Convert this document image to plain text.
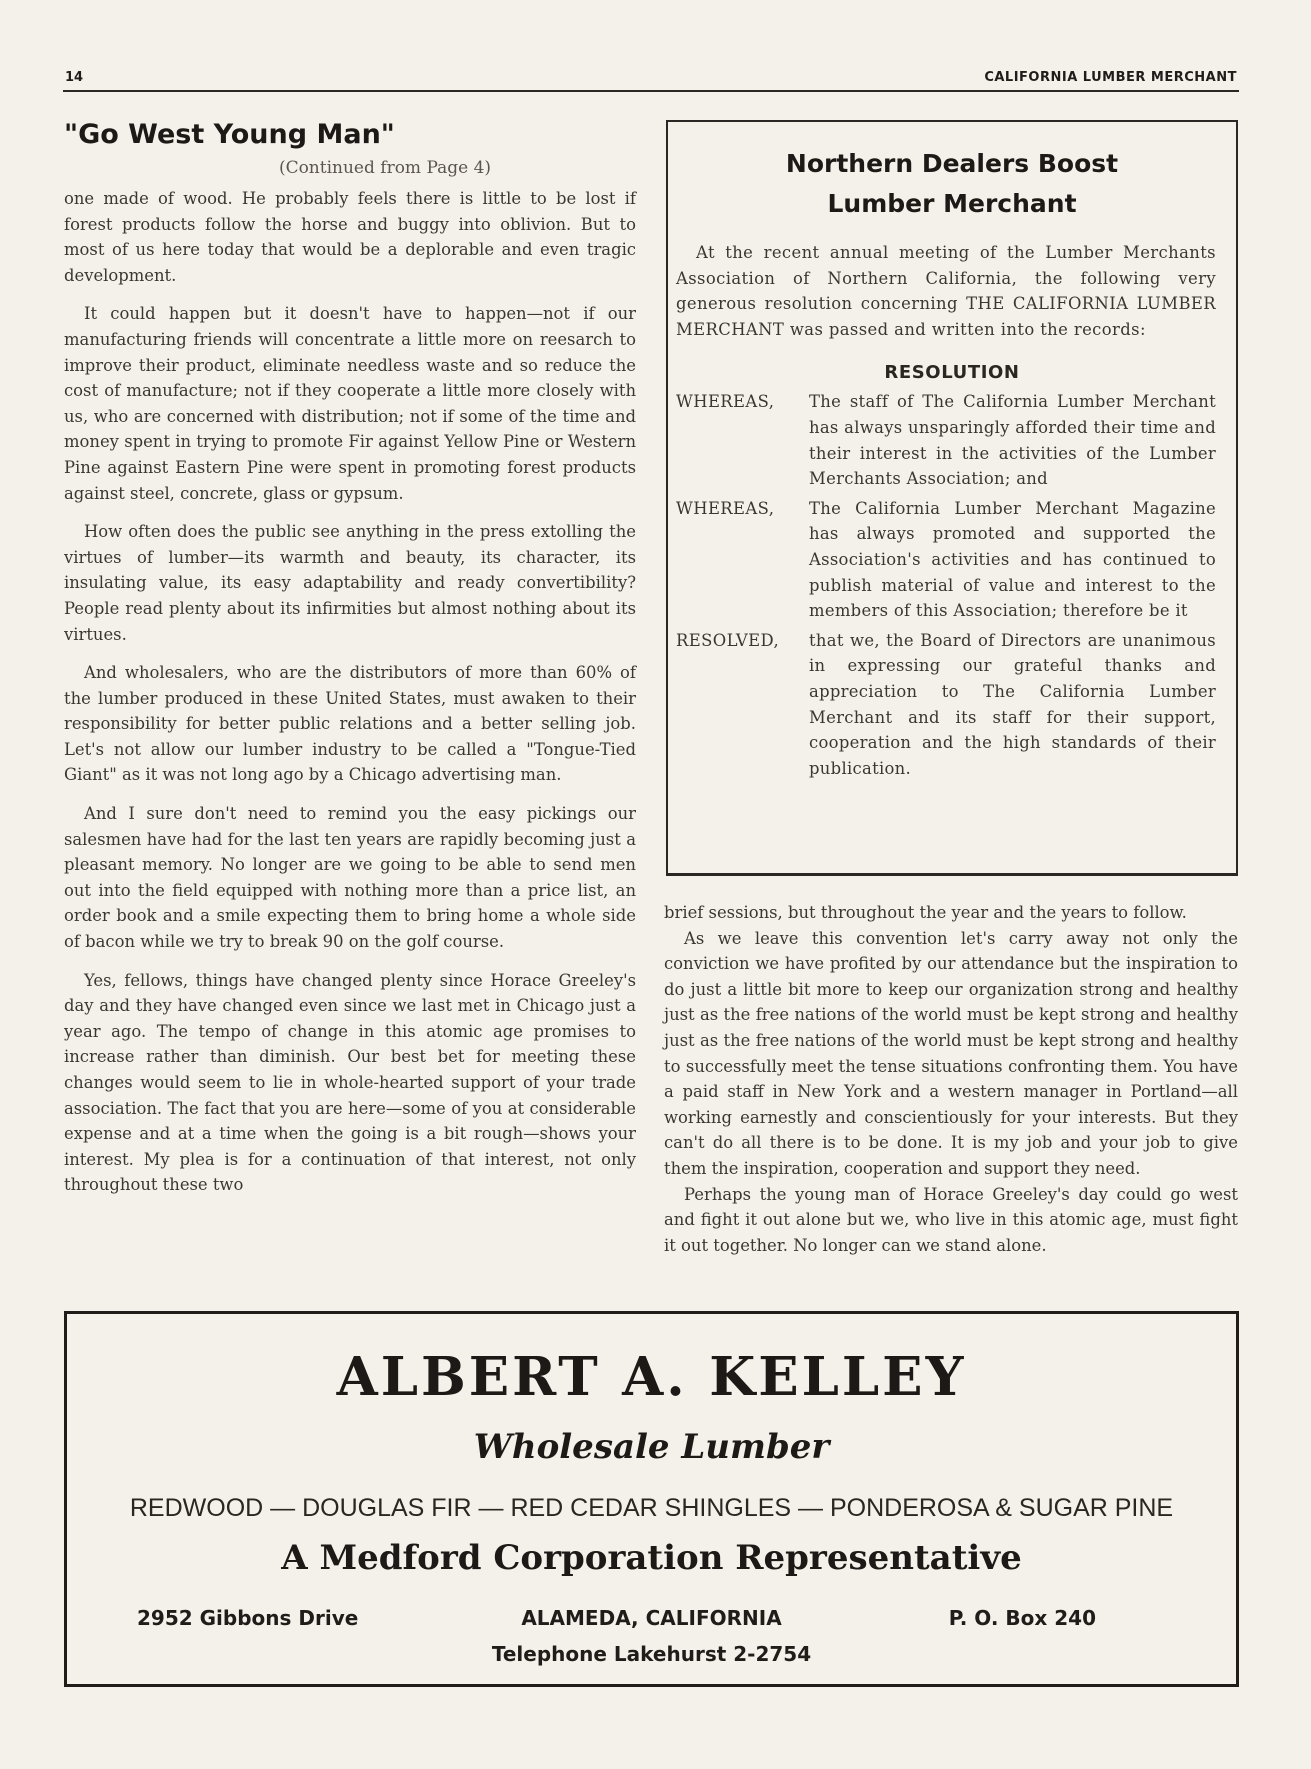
14	CALIFORNIA LUMBER MERCHANT
"Go West Young Man"
(Continued from Page 4)

one made of wood. He probably feels there is little to be lost if forest products follow the horse and buggy into oblivion. But to most of us here today that would be a deplorable and even tragic development.

It could happen but it doesn't have to happen—not if our manufacturing friends will concentrate a little more on reesarch to improve their product, eliminate needless waste and so reduce the cost of manufacture; not if they cooperate a little more closely with us, who are concerned with distribution; not if some of the time and money spent in trying to promote Fir against Yellow Pine or Western Pine against Eastern Pine were spent in promoting forest products against steel, concrete, glass or gypsum.

How often does the public see anything in the press extolling the virtues of lumber—its warmth and beauty, its character, its insulating value, its easy adaptability and ready convertibility? People read plenty about its infirmities but almost nothing about its virtues.

And wholesalers, who are the distributors of more than 60% of the lumber produced in these United States, must awaken to their responsibility for better public relations and a better selling job. Let's not allow our lumber industry to be called a "Tongue-Tied Giant" as it was not long ago by a Chicago advertising man.

And I sure don't need to remind you the easy pickings our salesmen have had for the last ten years are rapidly becoming just a pleasant memory. No longer are we going to be able to send men out into the field equipped with nothing more than a price list, an order book and a smile expecting them to bring home a whole side of bacon while we try to break 90 on the golf course.

Yes, fellows, things have changed plenty since Horace Greeley's day and they have changed even since we last met in Chicago just a year ago. The tempo of change in this atomic age promises to increase rather than diminish. Our best bet for meeting these changes would seem to lie in whole-hearted support of your trade association. The fact that you are here—some of you at considerable expense and at a time when the going is a bit rough—shows your interest. My plea is for a continuation of that interest, not only throughout these two

Northern Dealers Boost
Lumber Merchant
At the recent annual meeting of the Lumber Merchants Association of Northern California, the following very generous resolution concerning THE CALIFORNIA LUMBER MERCHANT was passed and written into the records:
RESOLUTION
WHEREAS, The staff of The California Lumber Merchant has always unsparingly afforded their time and their interest in the activities of the Lumber Merchants Association; and
WHEREAS, The California Lumber Merchant Magazine has always promoted and supported the Association's activities and has continued to publish material of value and interest to the members of this Association; therefore be it
RESOLVED, that we, the Board of Directors are unanimous in expressing our grateful thanks and appreciation to The California Lumber Merchant and its staff for their support, cooperation and the high standards of their publication.

brief sessions, but throughout the year and the years to follow.

As we leave this convention let's carry away not only the conviction we have profited by our attendance but the inspiration to do just a little bit more to keep our organization strong and healthy just as the free nations of the world must be kept strong and healthy just as the free nations of the world must be kept strong and healthy to successfully meet the tense situations confronting them. You have a paid staff in New York and a western manager in Portland—all working earnestly and conscientiously for your interests. But they can't do all there is to be done. It is my job and your job to give them the inspiration, cooperation and support they need.

Perhaps the young man of Horace Greeley's day could go west and fight it out alone but we, who live in this atomic age, must fight it out together. No longer can we stand alone.

ALBERT A. KELLEY
Wholesale Lumber
REDWOOD — DOUGLAS FIR — RED CEDAR SHINGLES — PONDEROSA & SUGAR PINE
A Medford Corporation Representative
2952 Gibbons Drive	ALAMEDA, CALIFORNIA	P. O. Box 240
Telephone Lakehurst 2-2754
